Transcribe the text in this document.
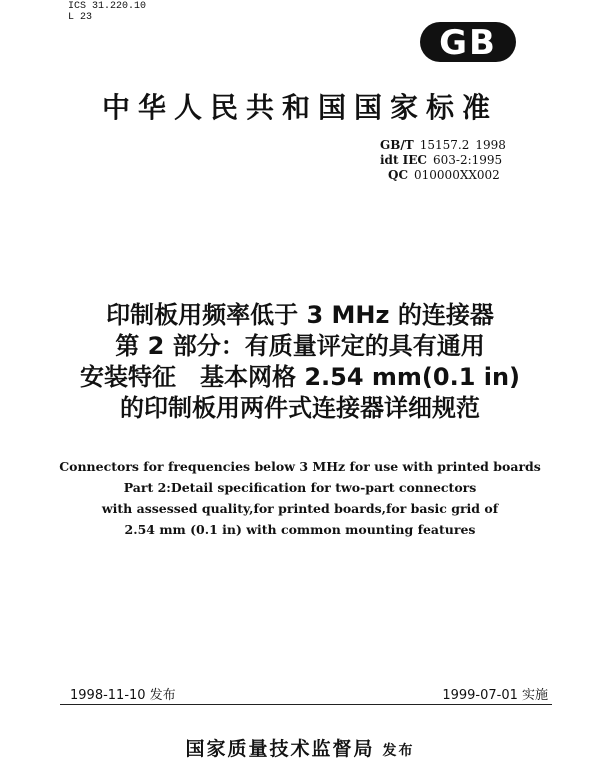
ICS 31.220.10
L 23
GB
中华人民共和国国家标准
GB/T 15157.2 1998
idt IEC 603-2:1995
QC 010000XX002
印制板用频率低于 3 MHz 的连接器
第 2 部分：有质量评定的具有通用
安装特征　基本网格 2.54 mm(0.1 in)
的印制板用两件式连接器详细规范
Connectors for frequencies below 3 MHz for use with printed boards
Part 2:Detail specification for two-part connectors
with assessed quality,for printed boards,for basic grid of
2.54 mm (0.1 in) with common mounting features
1998-11-10 发布	1999-07-01 实施
国家质量技术监督局 发布
